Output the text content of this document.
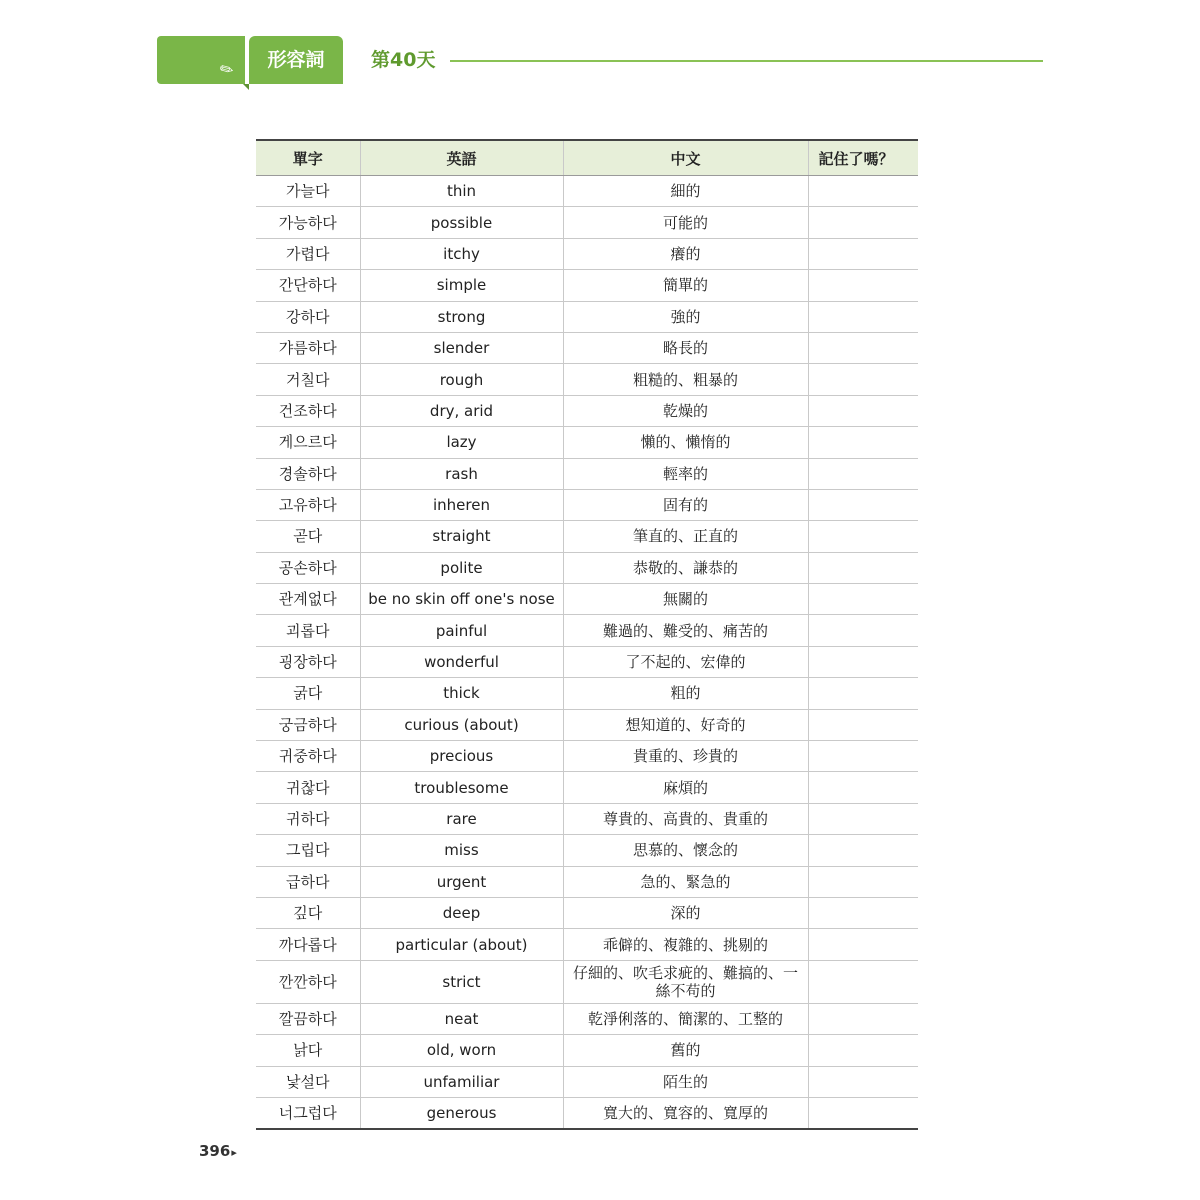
✎	形容詞	第40天
單字	英語	中文	記住了嗎？
가늘다	thin	細的	
가능하다	possible	可能的	
가렵다	itchy	癢的	
간단하다	simple	簡單的	
강하다	strong	強的	
갸름하다	slender	略長的	
거칠다	rough	粗糙的、粗暴的	
건조하다	dry, arid	乾燥的	
게으르다	lazy	懶的、懶惰的	
경솔하다	rash	輕率的	
고유하다	inheren	固有的	
곧다	straight	筆直的、正直的	
공손하다	polite	恭敬的、謙恭的	
관계없다	be no skin off one's nose	無關的	
괴롭다	painful	難過的、難受的、痛苦的	
굉장하다	wonderful	了不起的、宏偉的	
굵다	thick	粗的	
궁금하다	curious (about)	想知道的、好奇的	
귀중하다	precious	貴重的、珍貴的	
귀찮다	troublesome	麻煩的	
귀하다	rare	尊貴的、高貴的、貴重的	
그립다	miss	思慕的、懷念的	
급하다	urgent	急的、緊急的	
깊다	deep	深的	
까다롭다	particular (about)	乖僻的、複雜的、挑剔的	
깐깐하다	strict	仔細的、吹毛求疵的、難搞的、一絲不苟的	
깔끔하다	neat	乾淨俐落的、簡潔的、工整的	
낡다	old, worn	舊的	
낯설다	unfamiliar	陌生的	
너그럽다	generous	寬大的、寬容的、寬厚的	
396▸
